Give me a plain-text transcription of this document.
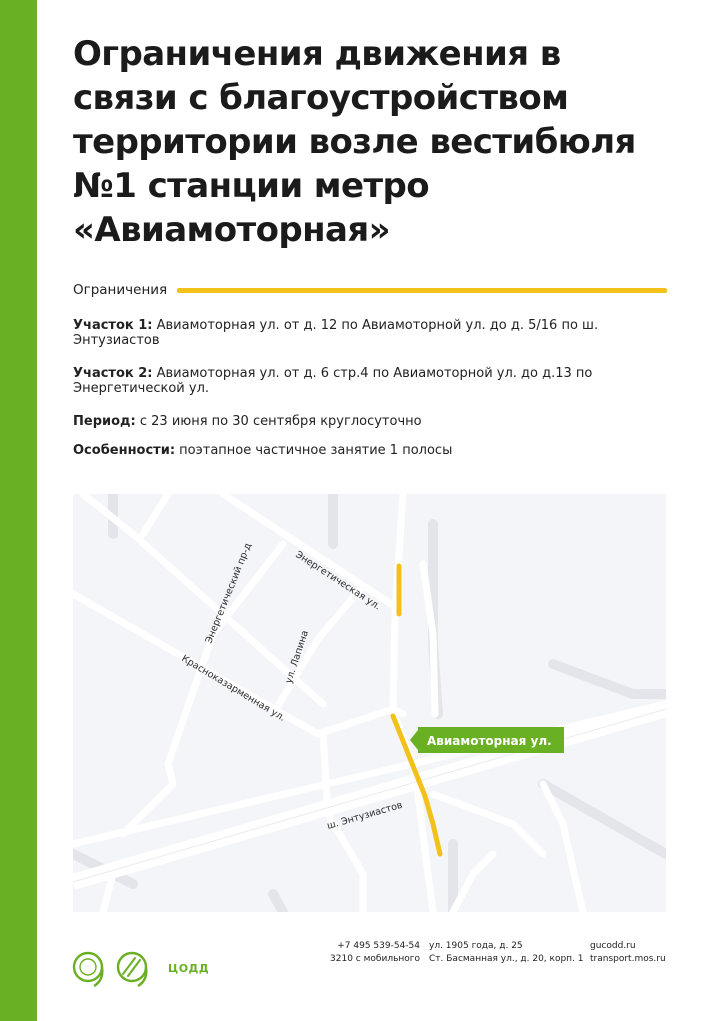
Ограничения движения в связи с благоустройством территории возле вестибюля №1 станции метро «Авиамоторная»
Ограничения

Участок 1: Авиамоторная ул. от д. 12 по Авиамоторной ул. до д. 5/16 по ш. Энтузиастов

Участок 2: Авиамоторная ул. от д. 6 стр.4 по Авиамоторной ул. до д.13 по Энергетической ул.

Период: с 23 июня по 30 сентября круглосуточно

Особенности: поэтапное частичное занятие 1 полосы

Энергетическая ул.
Энергетический пр-д
ул. Лапина
Красноказарменная ул.
ш. Энтузиастов
Авиамоторная ул.
ЦОДД
+7 495 539-54-54
3210 с мобильного
ул. 1905 года, д. 25
Ст. Басманная ул., д. 20, корп. 1
gucodd.ru
transport.mos.ru
